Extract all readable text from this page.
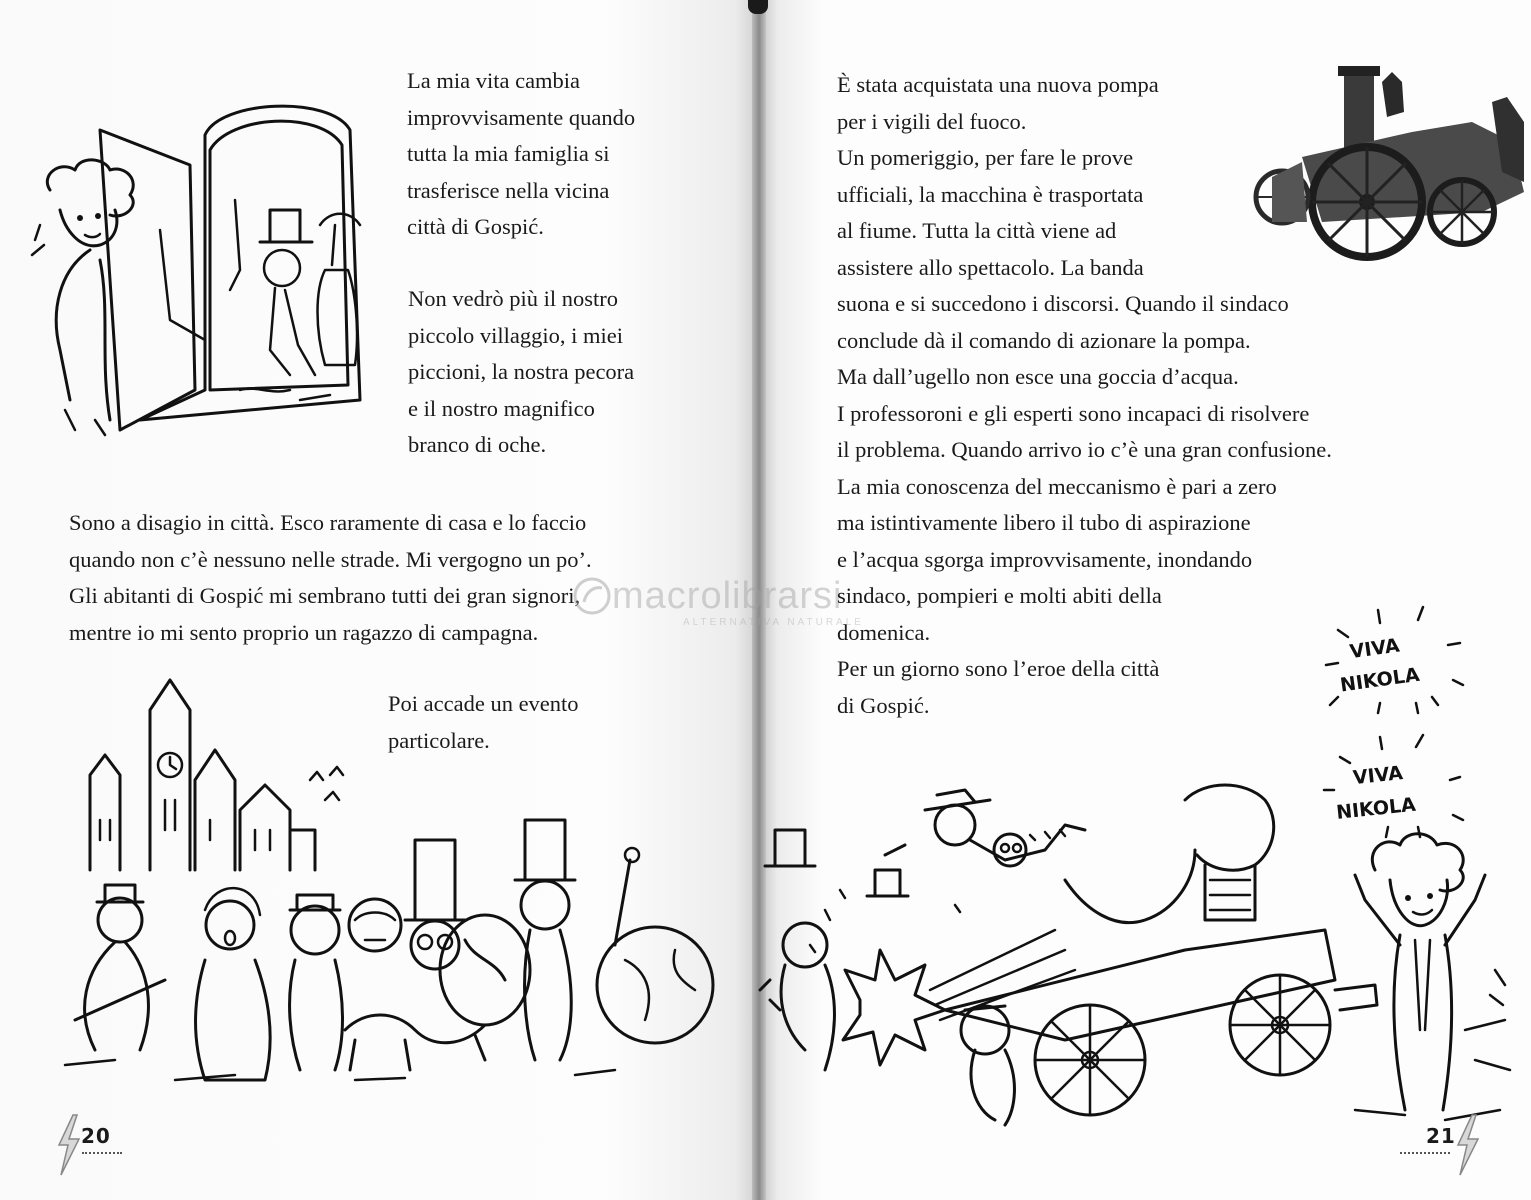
La mia vita cambia
improvvisamente quando
tutta la mia famiglia si
trasferisce nella vicina
città di Gospić.
Non vedrò più il nostro
piccolo villaggio, i miei
piccioni, la nostra pecora
e il nostro magnifico
branco di oche.
Sono a disagio in città. Esco raramente di casa e lo faccio
quando non c’è nessuno nelle strade. Mi vergogno un po’.
Gli abitanti di Gospić mi sembrano tutti dei gran signori,
mentre io mi sento proprio un ragazzo di campagna.
Poi accade un evento
particolare.
20
macrolibrarsi
ALTERNATIVA NATURALE
È stata acquistata una nuova pompa
per i vigili del fuoco.
Un pomeriggio, per fare le prove
ufficiali, la macchina è trasportata
al fiume. Tutta la città viene ad
assistere allo spettacolo. La banda
suona e si succedono i discorsi. Quando il sindaco
conclude dà il comando di azionare la pompa.
Ma dall’ugello non esce una goccia d’acqua.
I professoroni e gli esperti sono incapaci di risolvere
il problema. Quando arrivo io c’è una gran confusione.
La mia conoscenza del meccanismo è pari a zero
ma istintivamente libero il tubo di aspirazione
e l’acqua sgorga improvvisamente, inondando
sindaco, pompieri e molti abiti della
domenica.
Per un giorno sono l’eroe della città
di Gospić.
VIVA
NIKOLA
VIVA
NIKOLA
21
